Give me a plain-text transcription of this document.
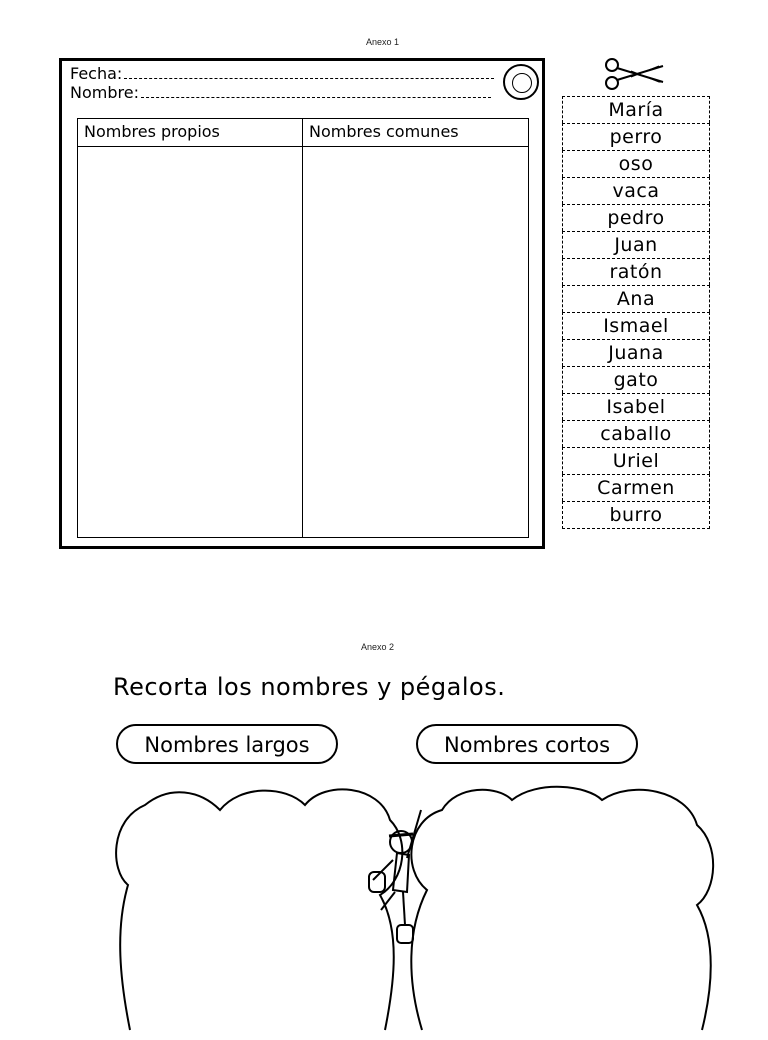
Anexo 1
Fecha:
Nombre:
Nombres propios	Nombres comunes
María
perro
oso
vaca
pedro
Juan
ratón
Ana
Ismael
Juana
gato
Isabel
caballo
Uriel
Carmen
burro
Anexo 2
Recorta los nombres y pégalos.
Nombres largos	Nombres cortos
